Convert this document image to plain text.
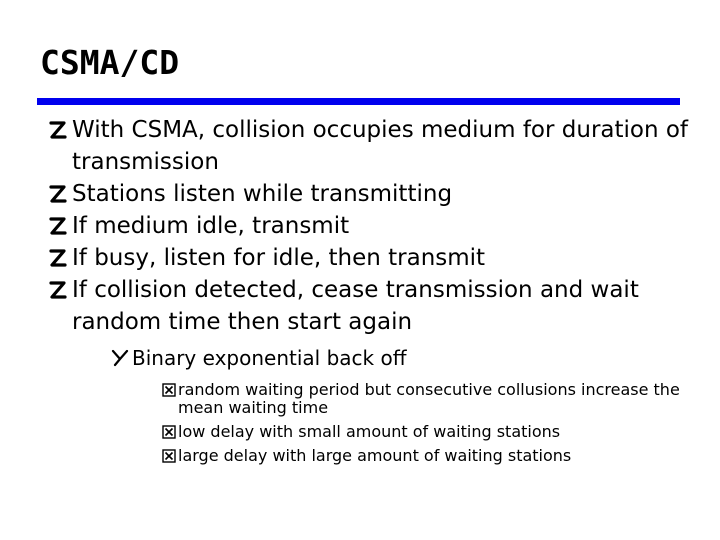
CSMA/CD
With CSMA, collision occupies medium for duration of transmission
Stations listen while transmitting
If medium idle, transmit
If busy, listen for idle, then transmit
If collision detected, cease transmission and wait random time then start again
Binary exponential back off
random waiting period but consecutive collusions increase the mean waiting time
low delay with small amount of waiting stations
large delay with large amount of waiting stations
